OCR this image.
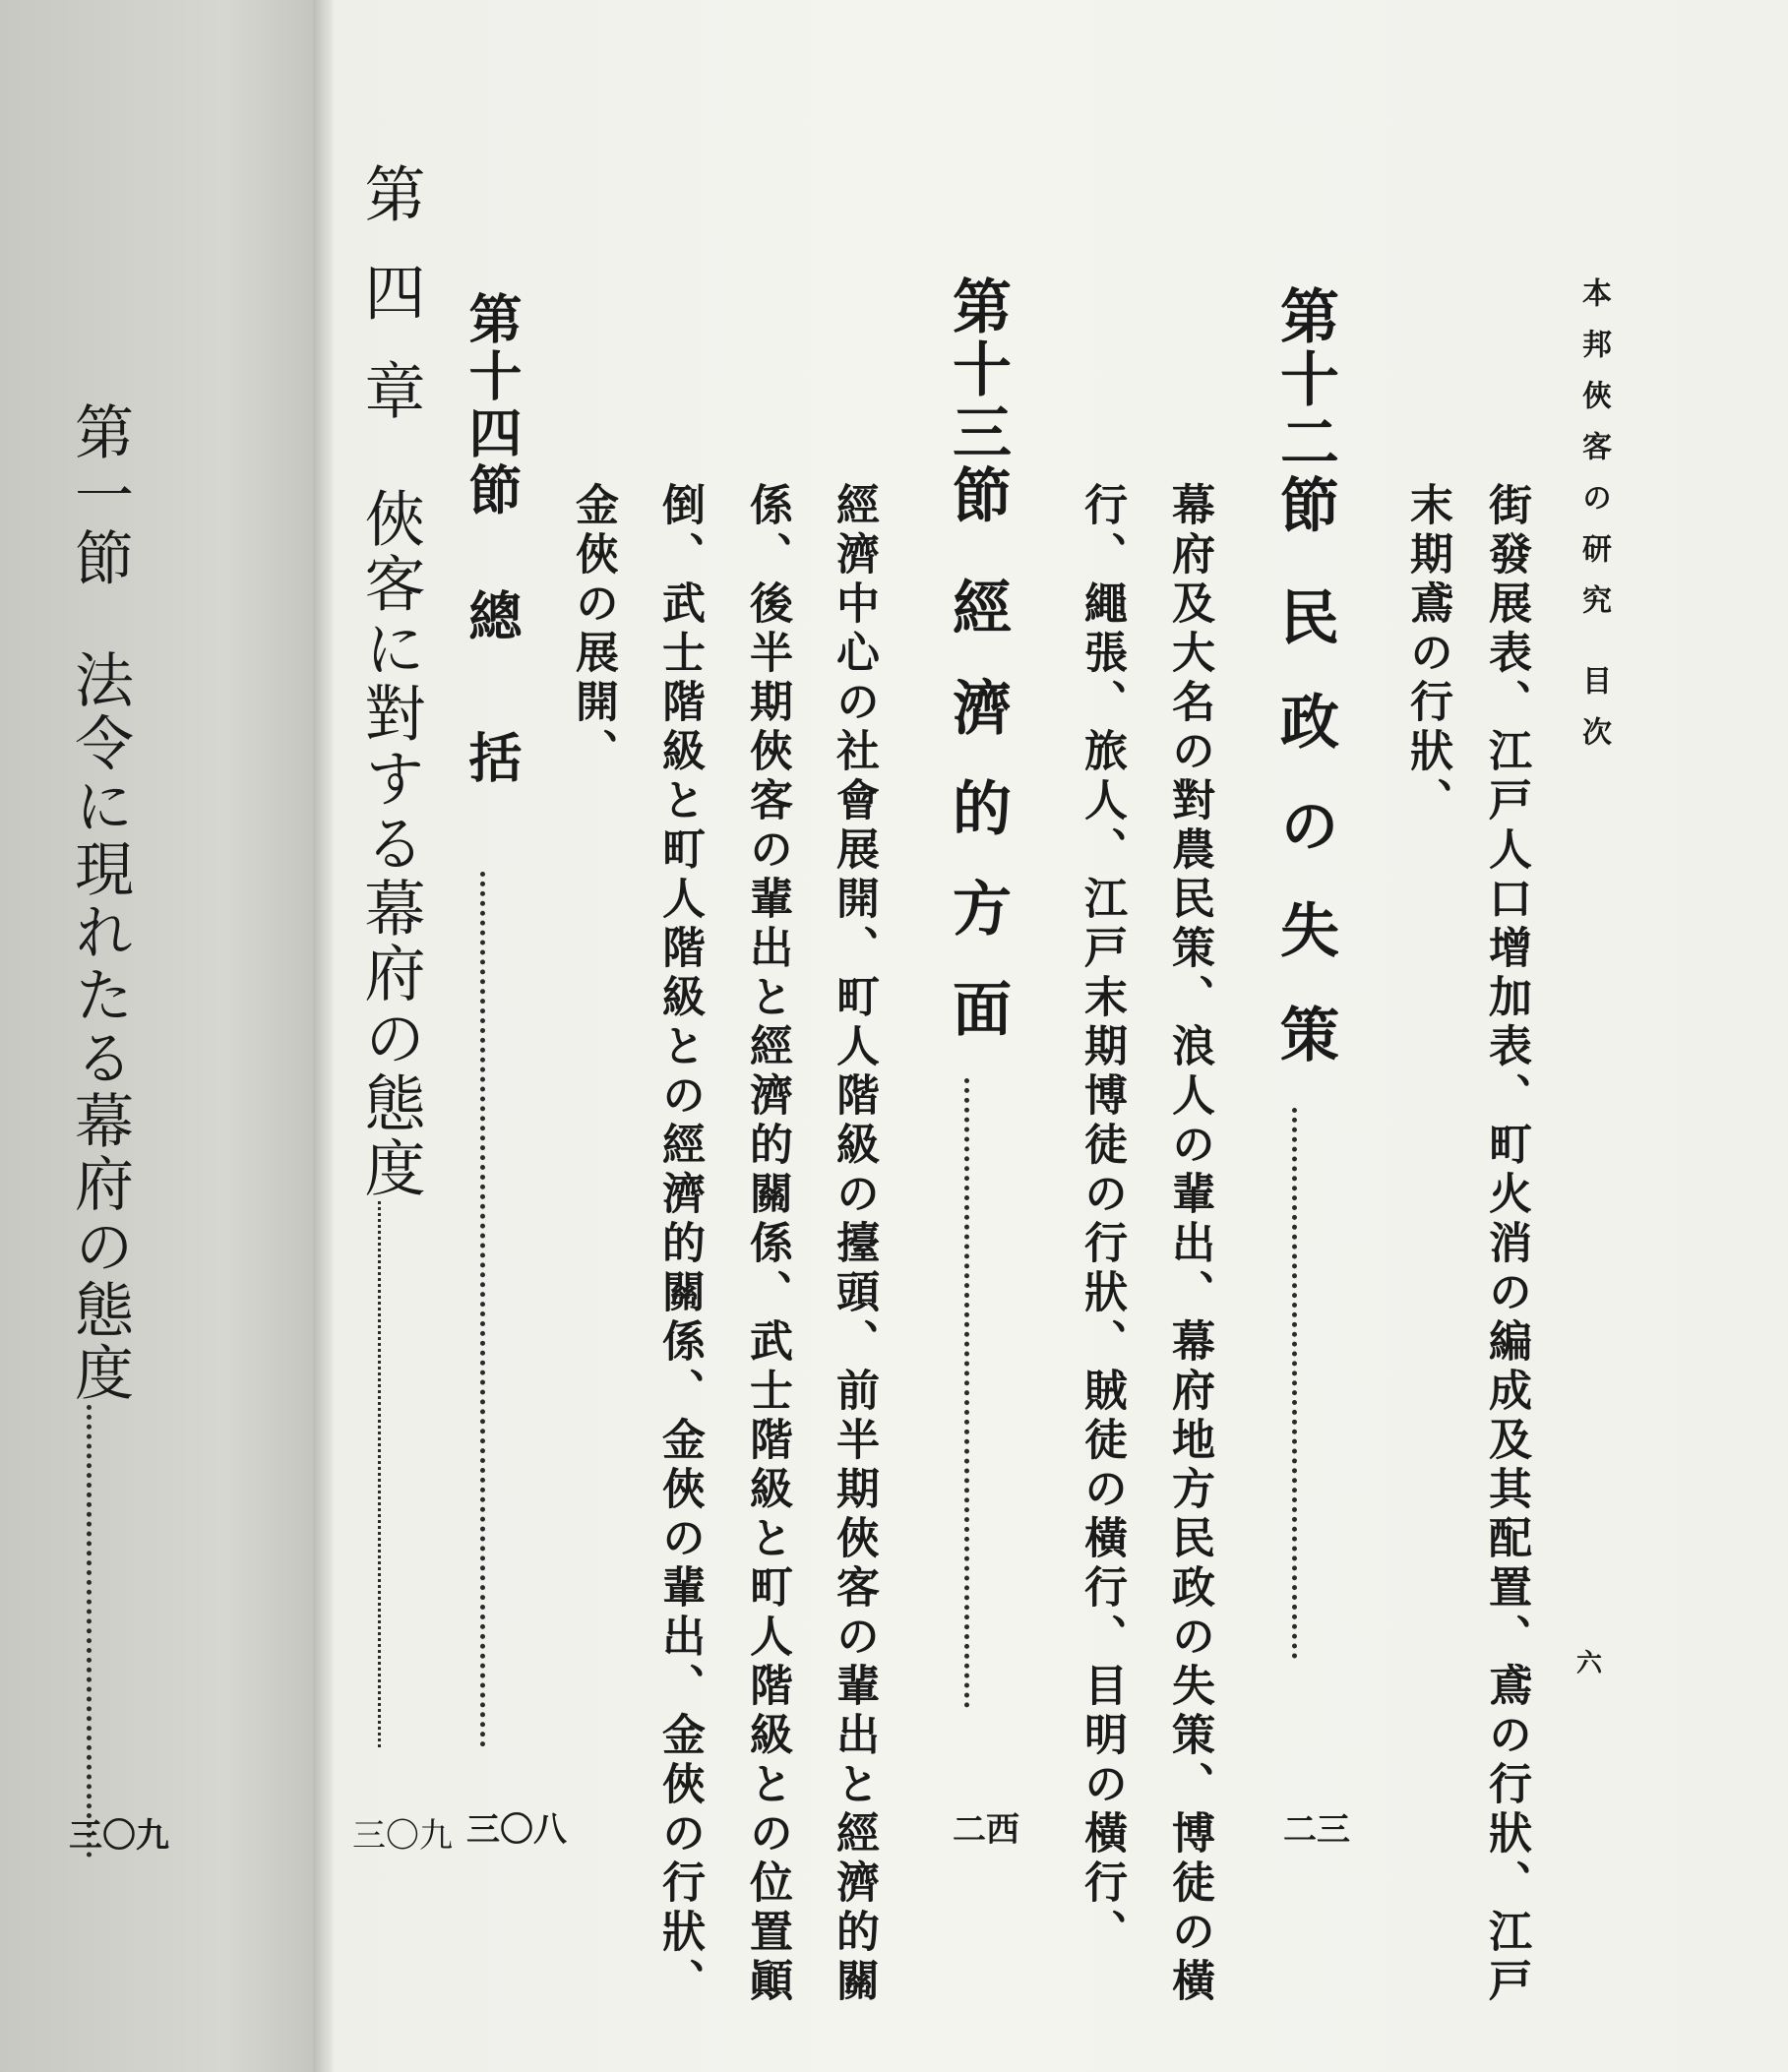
本邦俠客の研究目次
六

街發展表、江戸人口增加表、町火消の編成及其配置、鳶の行狀、江戸

末期鳶の行狀、

第十二節民政の失策
二三

幕府及大名の對農民策、浪人の輩出、幕府地方民政の失策、博徒の橫

行、繩張、旅人、江戸末期博徒の行狀、賊徒の橫行、目明の橫行、

第十三節經濟的方面
二西

經濟中心の社會展開、町人階級の擡頭、前半期俠客の輩出と經濟的關

係、後半期俠客の輩出と經濟的關係、武士階級と町人階級との位置顚

倒、武士階級と町人階級との經濟的關係、金俠の輩出、金俠の行狀、

金俠の展開、

第十四節總括
三〇八
第四章俠客に對する幕府の態度
三〇九
第一節法令に現れたる幕府の態度
三〇九
